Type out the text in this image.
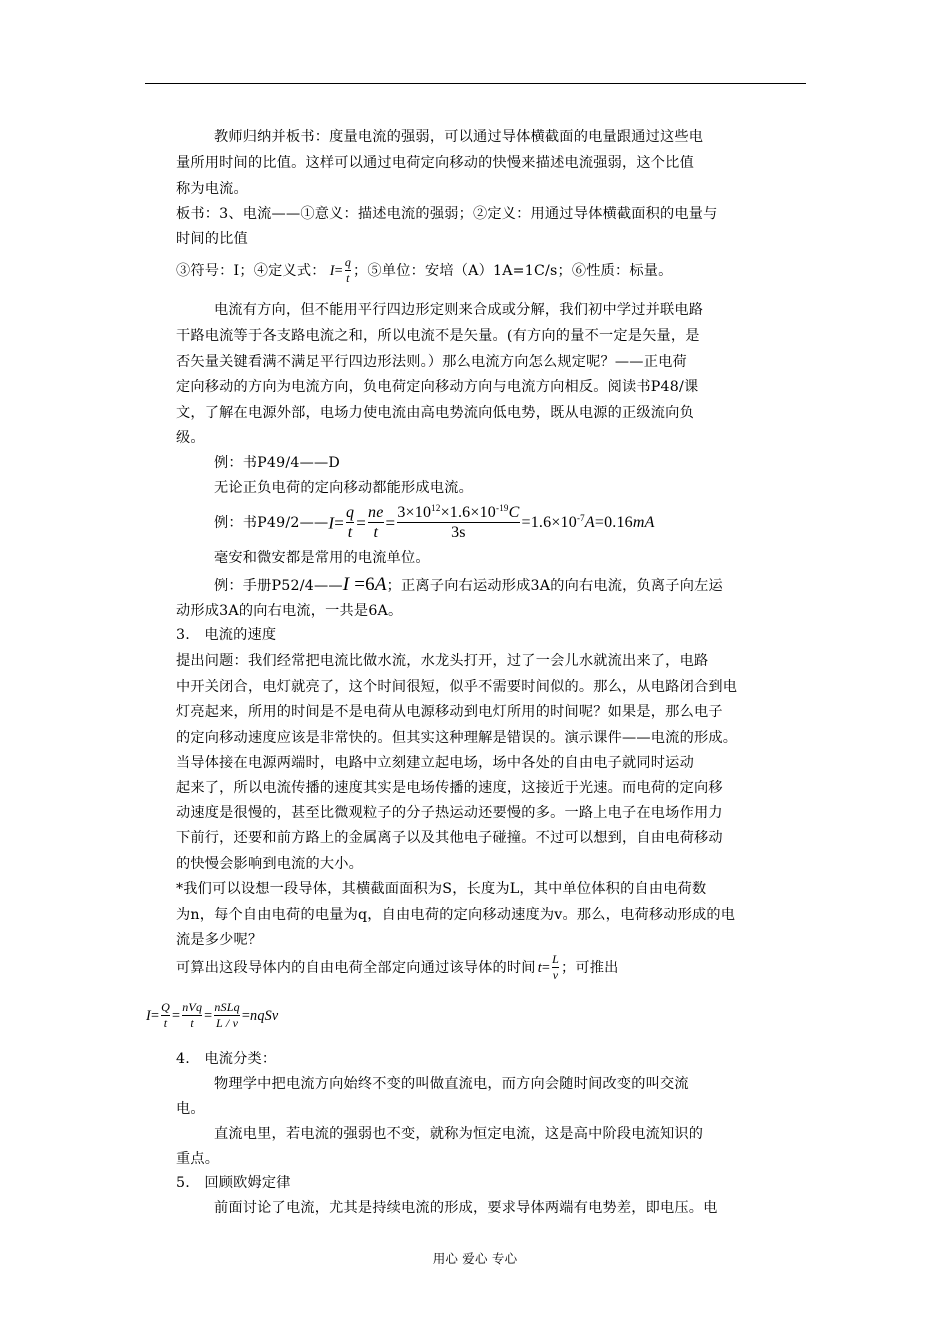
教师归纳并板书：度量电流的强弱，可以通过导体横截面的电量跟通过这些电
量所用时间的比值。这样可以通过电荷定向移动的快慢来描述电流强弱，这个比值
称为电流。
板书：3、电流——①意义：描述电流的强弱；②定义：用通过导体横截面积的电量与
时间的比值
③符号：I；④定义式： $I= \frac{q}{t}$ ；⑤单位：安培（A）1A=1C/s；⑥性质：标量。
电流有方向，但不能用平行四边形定则来合成或分解，我们初中学过并联电路
干路电流等于各支路电流之和，所以电流不是矢量。(有方向的量不一定是矢量，是
否矢量关键看满不满足平行四边形法则。）那么电流方向怎么规定呢？——正电荷
定向移动的方向为电流方向，负电荷定向移动方向与电流方向相反。阅读书P48/课
文，了解在电源外部，电场力使电流由高电势流向低电势，既从电源的正级流向负
级。
例：书P49/4——D
无论正负电荷的定向移动都能形成电流。
例：书P49/2——I= $\frac{q}{t} = \frac{ne}{t} = \frac{3\times 10^{12}\times 1.6\times 10^{-19}C}{3s} =1.6\times 10^{-7}A=0.16mA$
毫安和微安都是常用的电流单位。
例：手册P52/4——I =6A；正离子向右运动形成3A的向右电流，负离子向左运
动形成3A的向右电流，一共是6A。
3. 电流的速度
提出问题：我们经常把电流比做水流，水龙头打开，过了一会儿水就流出来了，电路
中开关闭合，电灯就亮了，这个时间很短，似乎不需要时间似的。那么，从电路闭合到电
灯亮起来，所用的时间是不是电荷从电源移动到电灯所用的时间呢？如果是，那么电子
的定向移动速度应该是非常快的。但其实这种理解是错误的。演示课件——电流的形成。
当导体接在电源两端时，电路中立刻建立起电场，场中各处的自由电子就同时运动
起来了，所以电流传播的速度其实是电场传播的速度，这接近于光速。而电荷的定向移
动速度是很慢的，甚至比微观粒子的分子热运动还要慢的多。一路上电子在电场作用力
下前行，还要和前方路上的金属离子以及其他电子碰撞。不过可以想到，自由电荷移动
的快慢会影响到电流的大小。
*我们可以设想一段导体，其横截面面积为S，长度为L，其中单位体积的自由电荷数
为n，每个自由电荷的电量为q，自由电荷的定向移动速度为v。那么，电荷移动形成的电
流是多少呢？
可算出这段导体内的自由电荷全部定向通过该导体的时间 $t= \frac{L}{v}$ ；可推出
$I= \frac{Q}{t} = \frac{\text{nVq}}{t} = \frac{\text{nSLq}}{L / v}$ =nqSv
4. 电流分类：
物理学中把电流方向始终不变的叫做直流电，而方向会随时间改变的叫交流
电。
直流电里，若电流的强弱也不变，就称为恒定电流，这是高中阶段电流知识的
重点。
5. 回顾欧姆定律
前面讨论了电流，尤其是持续电流的形成，要求导体两端有电势差，即电压。电
用心 爱心 专心
